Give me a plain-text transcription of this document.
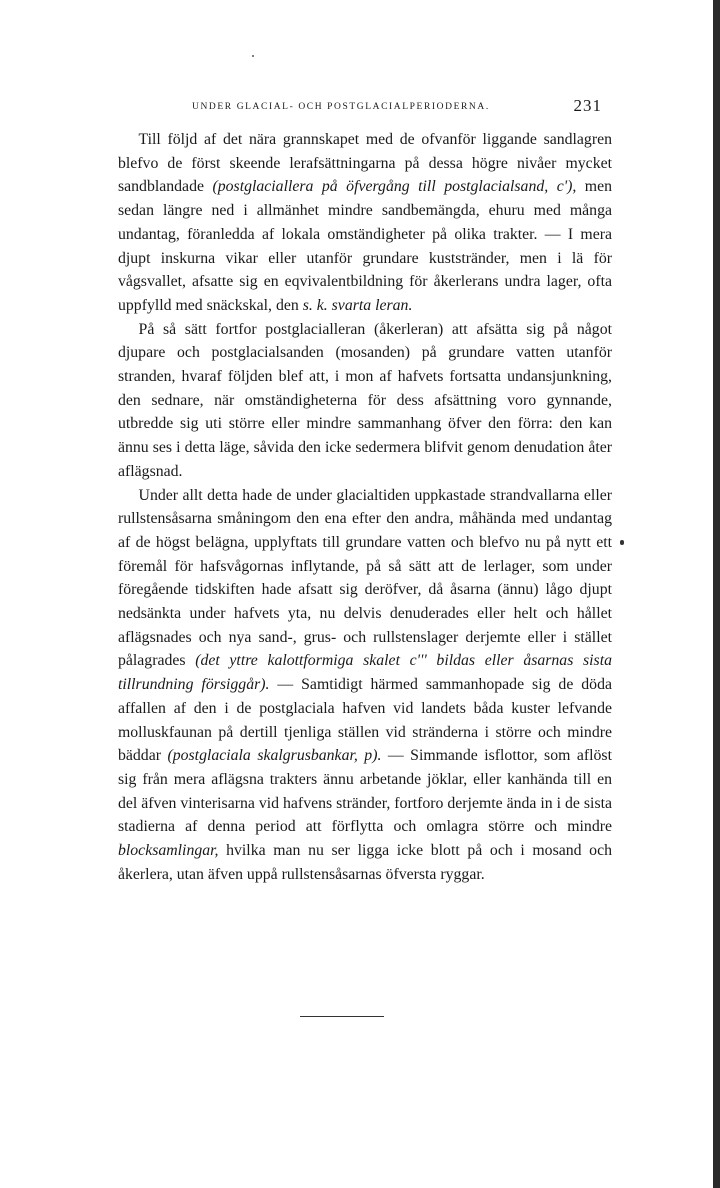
UNDER GLACIAL- OCH POSTGLACIALPERIODERNA.	231

Till följd af det nära grannskapet med de ofvanför liggande sandlagren blefvo de först skeende lerafsättningarna på dessa högre nivåer mycket sandblandade (postglaciallera på öfvergång till postglacialsand, c'), men sedan längre ned i allmänhet mindre sandbemängda, ehuru med många undantag, föranledda af lokala omständigheter på olika trakter. — I mera djupt inskurna vikar eller utanför grundare kuststränder, men i lä för vågsvallet, afsatte sig en eqvivalentbildning för åkerlerans undra lager, ofta uppfylld med snäckskal, den s. k. svarta leran.

På så sätt fortfor postglacialleran (åkerleran) att afsätta sig på något djupare och postglacialsanden (mosanden) på grundare vatten utanför stranden, hvaraf följden blef att, i mon af hafvets fortsatta undansjunkning, den sednare, när omständigheterna för dess afsättning voro gynnande, utbredde sig uti större eller mindre sammanhang öfver den förra: den kan ännu ses i detta läge, såvida den icke sedermera blifvit genom denudation åter aflägsnad.

Under allt detta hade de under glacialtiden uppkastade strandvallarna eller rullstensåsarna småningom den ena efter den andra, måhända med undantag af de högst belägna, upplyftats till grundare vatten och blefvo nu på nytt ett föremål för hafsvågornas inflytande, på så sätt att de lerlager, som under föregående tidskiften hade afsatt sig deröfver, då åsarna (ännu) lågo djupt nedsänkta under hafvets yta, nu delvis denuderades eller helt och hållet aflägsnades och nya sand-, grus- och rullstenslager derjemte eller i stället pålagrades (det yttre kalottformiga skalet c''' bildas eller åsarnas sista tillrundning försiggår). — Samtidigt härmed sammanhopade sig de döda affallen af den i de postglaciala hafven vid landets båda kuster lefvande molluskfaunan på dertill tjenliga ställen vid stränderna i större och mindre bäddar (postglaciala skalgrusbankar, p). — Simmande isflottor, som aflöst sig från mera aflägsna trakters ännu arbetande jöklar, eller kanhända till en del äfven vinterisarna vid hafvens stränder, fortforo derjemte ända in i de sista stadierna af denna period att förflytta och omlagra större och mindre blocksamlingar, hvilka man nu ser ligga icke blott på och i mosand och åkerlera, utan äfven uppå rullstensåsarnas öfversta ryggar.
